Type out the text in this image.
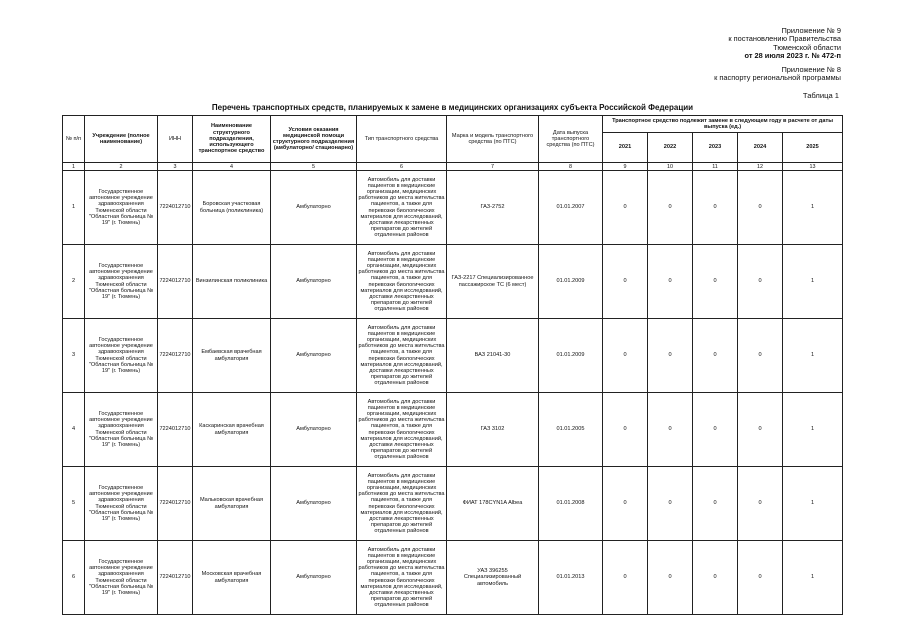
Приложение № 9
к постановлению Правительства
Тюменской области
от 28 июля 2023 г. № 472-п
Приложение № 8
к паспорту региональной программы
Таблица 1
Перечень транспортных средств, планируемых к замене в медицинских организациях субъекта Российской Федерации
№ п/п	Учреждение (полное наименование)	ИНН	Наименование структурного подразделения, использующего транспортное средство	Условия оказания медицинской помощи структурного подразделения (амбулаторно/ стационарно)	Тип транспортного средства	Марка и модель транспортного средства (по ПТС)	Дата выпуска транспортного средства (по ПТС)	Транспортное средство подлежит замене в следующем году в расчете от даты выпуска (ед.)				
								2021	2022	2023	2024	2025
1	2	3	4	5	6	7	8	9	10	11	12	13
1	Государственное автономное учреждение здравоохранения Тюменской области "Областная больница № 19" (г. Тюмень)	7224012710	Боровская участковая больница (поликлиника)	Амбулаторно	Автомобиль для доставки пациентов в медицинские организации, медицинских работников до места жительства пациентов, а также для перевозки биологических материалов для исследований, доставки лекарственных препаратов до жителей отдаленных районов	ГАЗ-2752	01.01.2007	0	0	0	0	1
2	Государственное автономное учреждение здравоохранения Тюменской области "Областная больница № 19" (г. Тюмень)	7224012710	Винзилинская поликлиника	Амбулаторно	Автомобиль для доставки пациентов в медицинские организации, медицинских работников до места жительства пациентов, а также для перевозки биологических материалов для исследований, доставки лекарственных препаратов до жителей отдаленных районов	ГАЗ-2217 Специализированное пассажирское ТС (6 мест)	01.01.2009	0	0	0	0	1
3	Государственное автономное учреждение здравоохранения Тюменской области "Областная больница № 19" (г. Тюмень)	7224012710	Ембаевская врачебная амбулатория	Амбулаторно	Автомобиль для доставки пациентов в медицинские организации, медицинских работников до места жительства пациентов, а также для перевозки биологических материалов для исследований, доставки лекарственных препаратов до жителей отдаленных районов	ВАЗ 21041-30	01.01.2009	0	0	0	0	1
4	Государственное автономное учреждение здравоохранения Тюменской области "Областная больница № 19" (г. Тюмень)	7224012710	Каскаринская врачебная амбулатория	Амбулаторно	Автомобиль для доставки пациентов в медицинские организации, медицинских работников до места жительства пациентов, а также для перевозки биологических материалов для исследований, доставки лекарственных препаратов до жителей отдаленных районов	ГАЗ 3102	01.01.2005	0	0	0	0	1
5	Государственное автономное учреждение здравоохранения Тюменской области "Областная больница № 19" (г. Тюмень)	7224012710	Мальковская врачебная амбулатория	Амбулаторно	Автомобиль для доставки пациентов в медицинские организации, медицинских работников до места жительства пациентов, а также для перевозки биологических материалов для исследований, доставки лекарственных препаратов до жителей отдаленных районов	ФИАТ 178CYN1A Albea	01.01.2008	0	0	0	0	1
6	Государственное автономное учреждение здравоохранения Тюменской области "Областная больница № 19" (г. Тюмень)	7224012710	Московская врачебная амбулатория	Амбулаторно	Автомобиль для доставки пациентов в медицинские организации, медицинских работников до места жительства пациентов, а также для перевозки биологических материалов для исследований, доставки лекарственных препаратов до жителей отдаленных районов	УАЗ 396255 Специализированный автомобиль	01.01.2013	0	0	0	0	1
